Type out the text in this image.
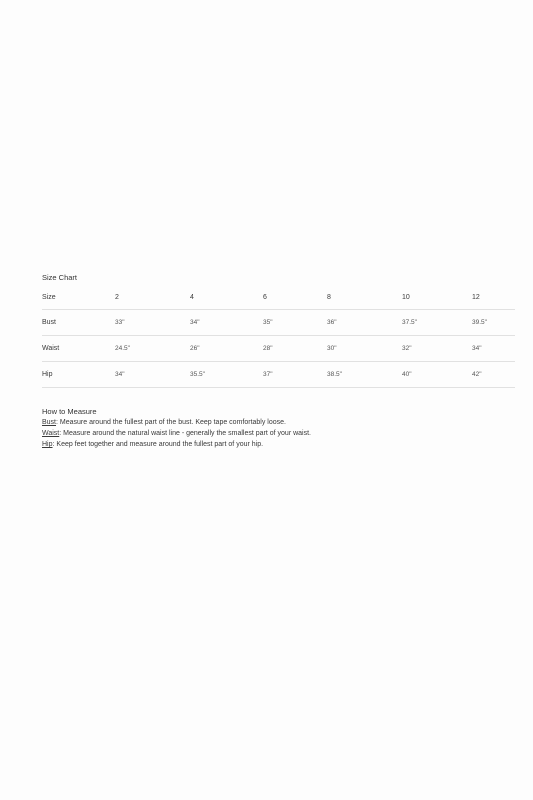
Size Chart
Size	2	4	6	8	10	12
Bust	33"	34"	35"	36"	37.5"	39.5"
Waist	24.5"	26"	28"	30"	32"	34"
Hip	34"	35.5"	37"	38.5"	40"	42"
How to Measure
Bust: Measure around the fullest part of the bust. Keep tape comfortably loose.
Waist: Measure around the natural waist line - generally the smallest part of your waist.
Hip: Keep feet together and measure around the fullest part of your hip.
